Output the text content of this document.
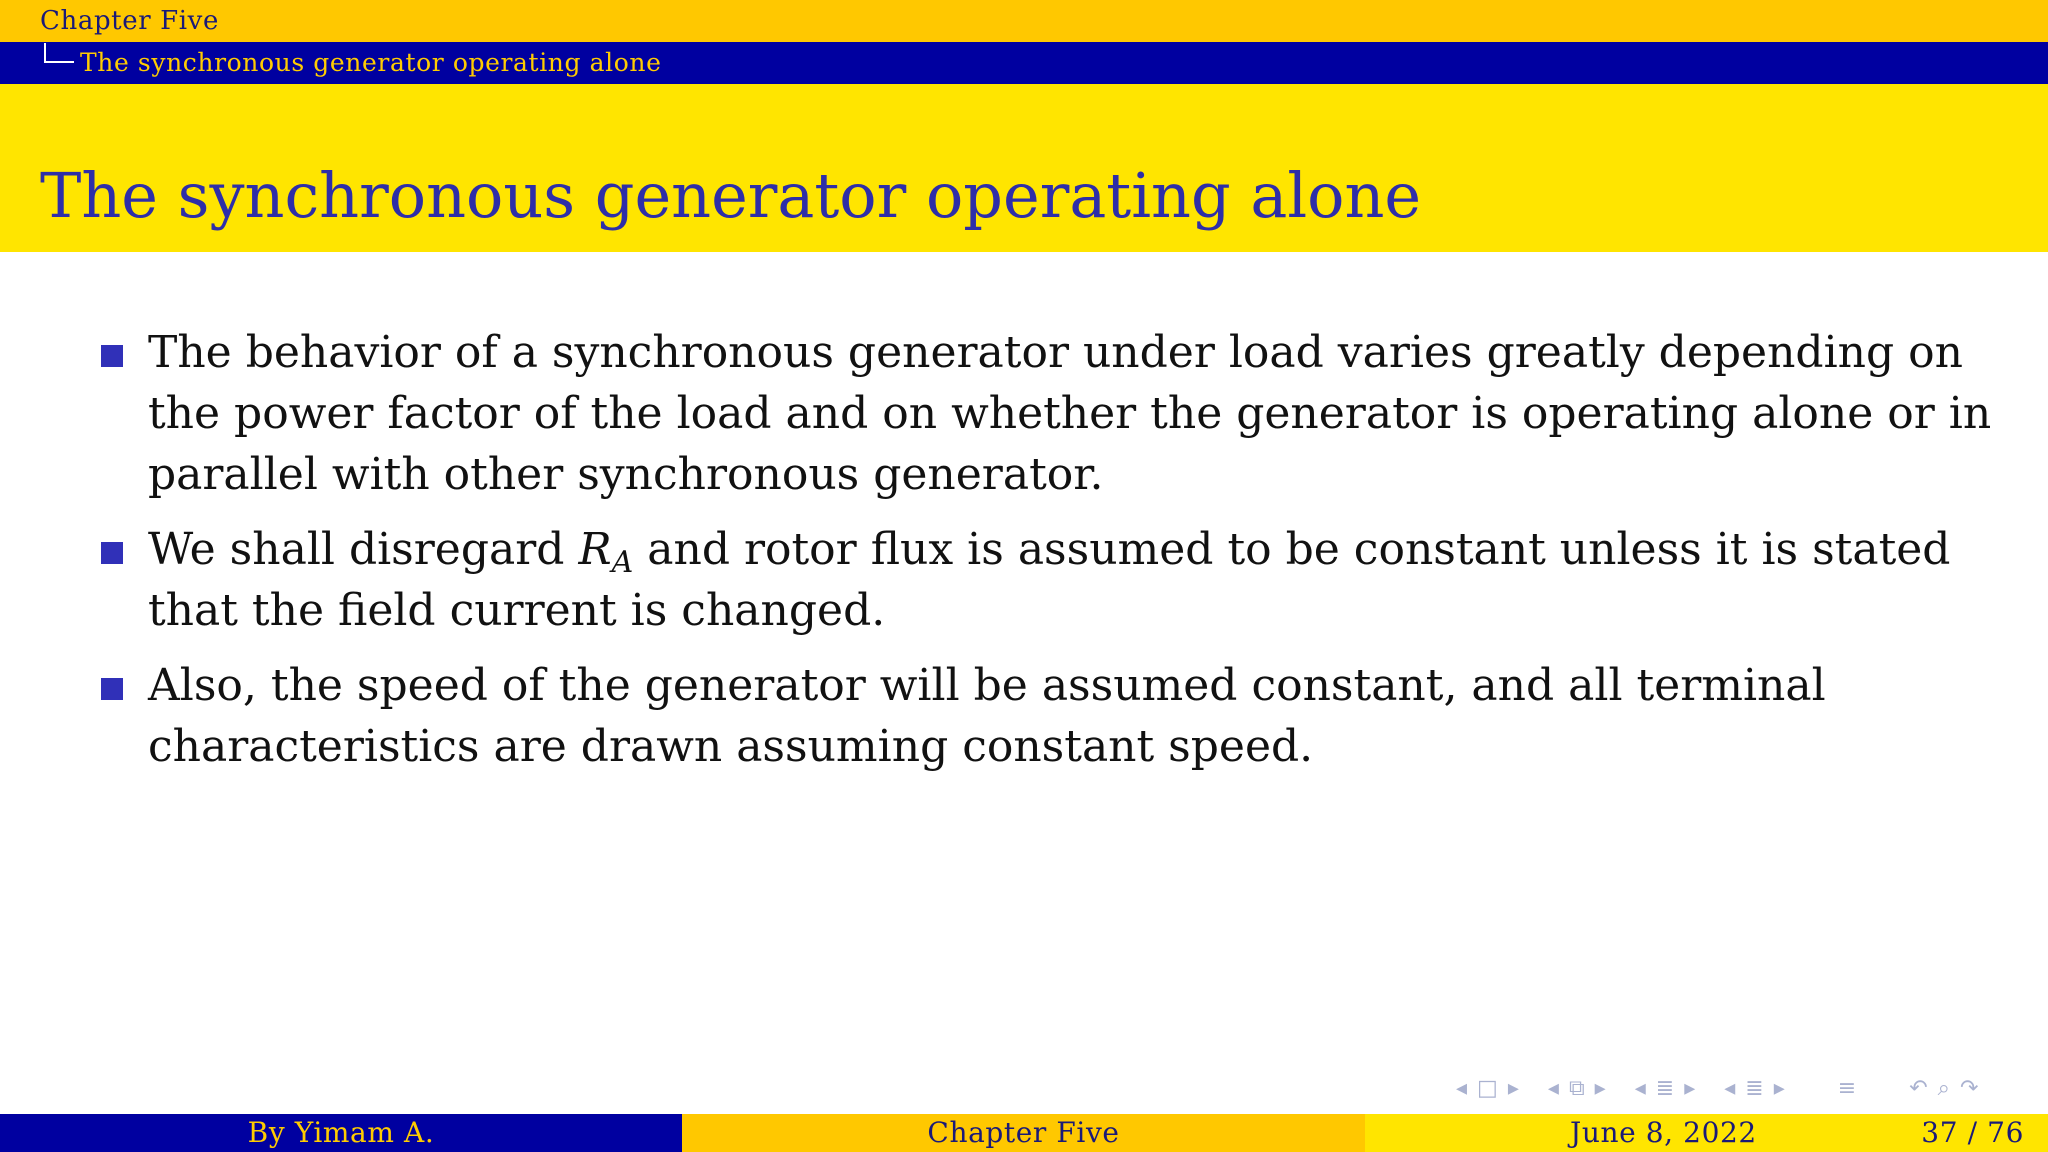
Chapter Five
The synchronous generator operating alone
The synchronous generator operating alone
The behavior of a synchronous generator under load varies greatly depending on the power factor of the load and on whether the generator is operating alone or in parallel with other synchronous generator.
We shall disregard $R_A$ and rotor flux is assumed to be constant unless it is stated that the field current is changed.
Also, the speed of the generator will be assumed constant, and all terminal characteristics are drawn assuming constant speed.
◂ □ ▸ ◂ ⧉ ▸ ◂ ≣ ▸ ◂ ≣ ▸ ≡ ↶ ⌕ ↷
By Yimam A.	Chapter Five	June 8, 2022	37 / 76
